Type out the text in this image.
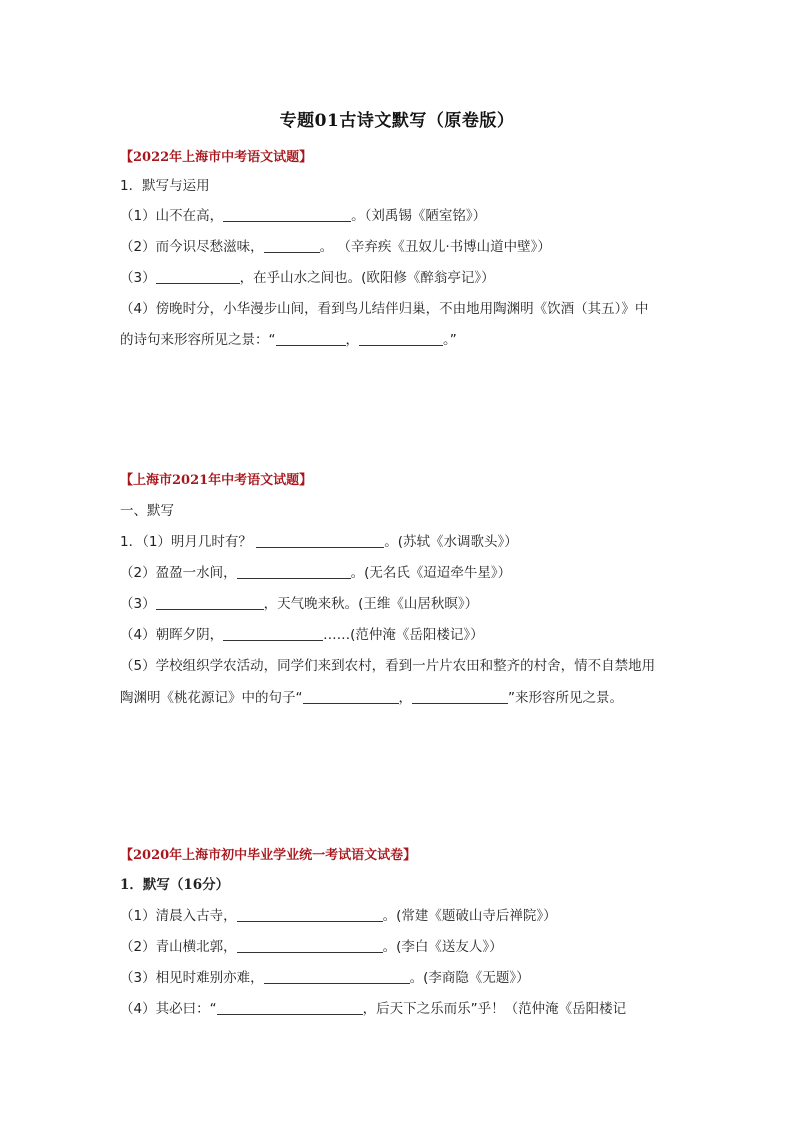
专题01古诗文默写（原卷版）
【2022年上海市中考语文试题】
1．默写与运用
（1）山不在高，	。（刘禹锡《陋室铭》）
（2）而今识尽愁滋味，	。 （辛弃疾《丑奴儿·书博山道中壁》）
（3）	，在乎山水之间也。(欧阳修《醉翁亭记》）
（4）傍晚时分，小华漫步山间，看到鸟儿结伴归巢，不由地用陶渊明《饮酒（其五）》中
的诗句来形容所见之景：“	，	。”
【上海市2021年中考语文试题】
一、默写
1．（1）明月几时有？	。(苏轼《水调歌头》）
（2）盈盈一水间，	。(无名氏《迢迢牵牛星》）
（3）	，天气晚来秋。(王维《山居秋暝》）
（4）朝晖夕阴，	……(范仲淹《岳阳楼记》）
（5）学校组织学农活动，同学们来到农村，看到一片片农田和整齐的村舍，情不自禁地用
陶渊明《桃花源记》中的句子“	，	”来形容所见之景。
【2020年上海市初中毕业学业统一考试语文试卷】
1．默写（16分）
（1）清晨入古寺，	。(常建《题破山寺后禅院》）
（2）青山横北郭，	。(李白《送友人》）
（3）相见时难别亦难，	。(李商隐《无题》）
（4）其必曰：“	，后天下之乐而乐”乎！（范仲淹《岳阳楼记
